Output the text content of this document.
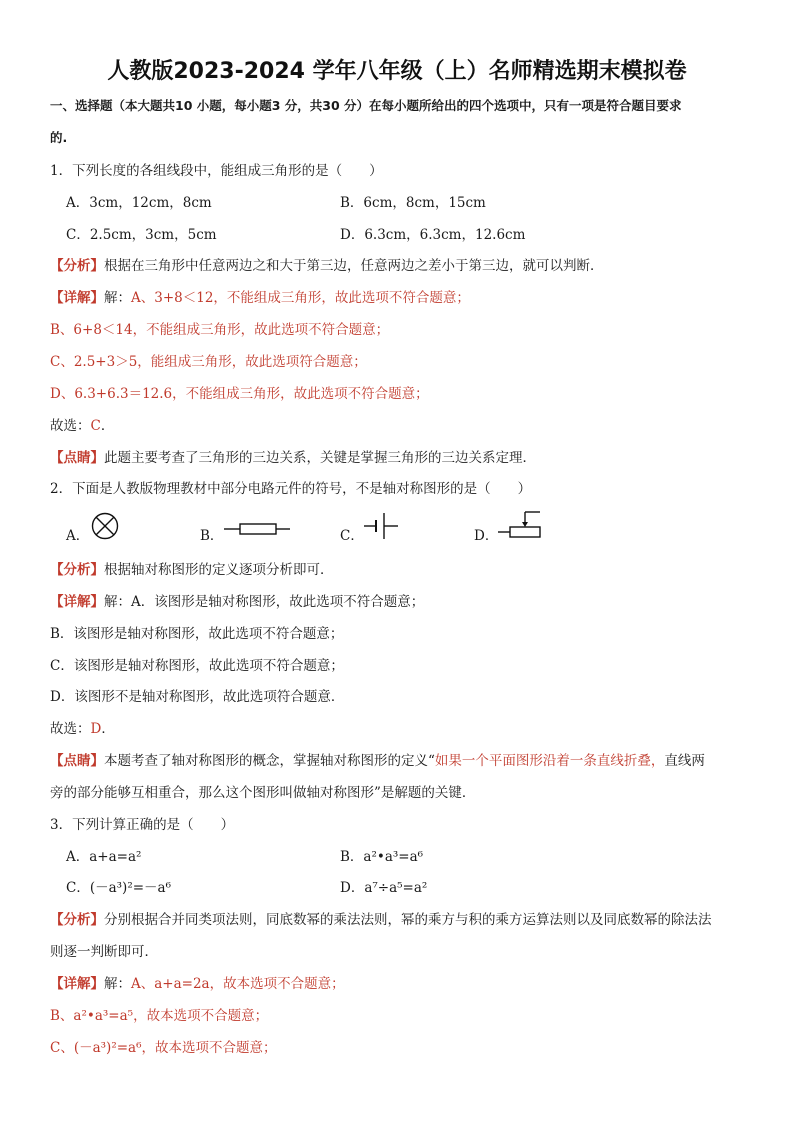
人教版2023-2024 学年八年级（上）名师精选期末模拟卷
一、选择题（本大题共10 小题，每小题3 分，共30 分）在每小题所给出的四个选项中，只有一项是符合题目要求
的.
1．下列长度的各组线段中，能组成三角形的是（　　）
A．3cm，12cm，8cm	B．6cm，8cm，15cm
C．2.5cm，3cm，5cm	D．6.3cm，6.3cm，12.6cm
【分析】根据在三角形中任意两边之和大于第三边，任意两边之差小于第三边，就可以判断．
【详解】解：A、3+8＜12，不能组成三角形，故此选项不符合题意；
B、6+8＜14，不能组成三角形，故此选项不符合题意；
C、2.5+3＞5，能组成三角形，故此选项符合题意；
D、6.3+6.3＝12.6，不能组成三角形，故此选项不符合题意；
故选：C．
【点睛】此题主要考查了三角形的三边关系，关键是掌握三角形的三边关系定理．
2．下面是人教版物理教材中部分电路元件的符号，不是轴对称图形的是（　　）
A．	B．	C．	D．
【分析】根据轴对称图形的定义逐项分析即可．
【详解】解：A．该图形是轴对称图形，故此选项不符合题意；
B．该图形是轴对称图形，故此选项不符合题意；
C．该图形是轴对称图形，故此选项不符合题意；
D．该图形不是轴对称图形，故此选项符合题意．
故选：D．
【点睛】本题考查了轴对称图形的概念，掌握轴对称图形的定义“如果一个平面图形沿着一条直线折叠，直线两
旁的部分能够互相重合，那么这个图形叫做轴对称图形”是解题的关键．
3．下列计算正确的是（　　）
A．a+a=a²	B．a²•a³=a⁶
C．(－a³)²=－a⁶	D．a⁷÷a⁵=a²
【分析】分别根据合并同类项法则，同底数幂的乘法法则，幂的乘方与积的乘方运算法则以及同底数幂的除法法
则逐一判断即可．
【详解】解：A、a+a=2a，故本选项不合题意；
B、a²•a³=a⁵，故本选项不合题意；
C、(－a³)²=a⁶，故本选项不合题意；
